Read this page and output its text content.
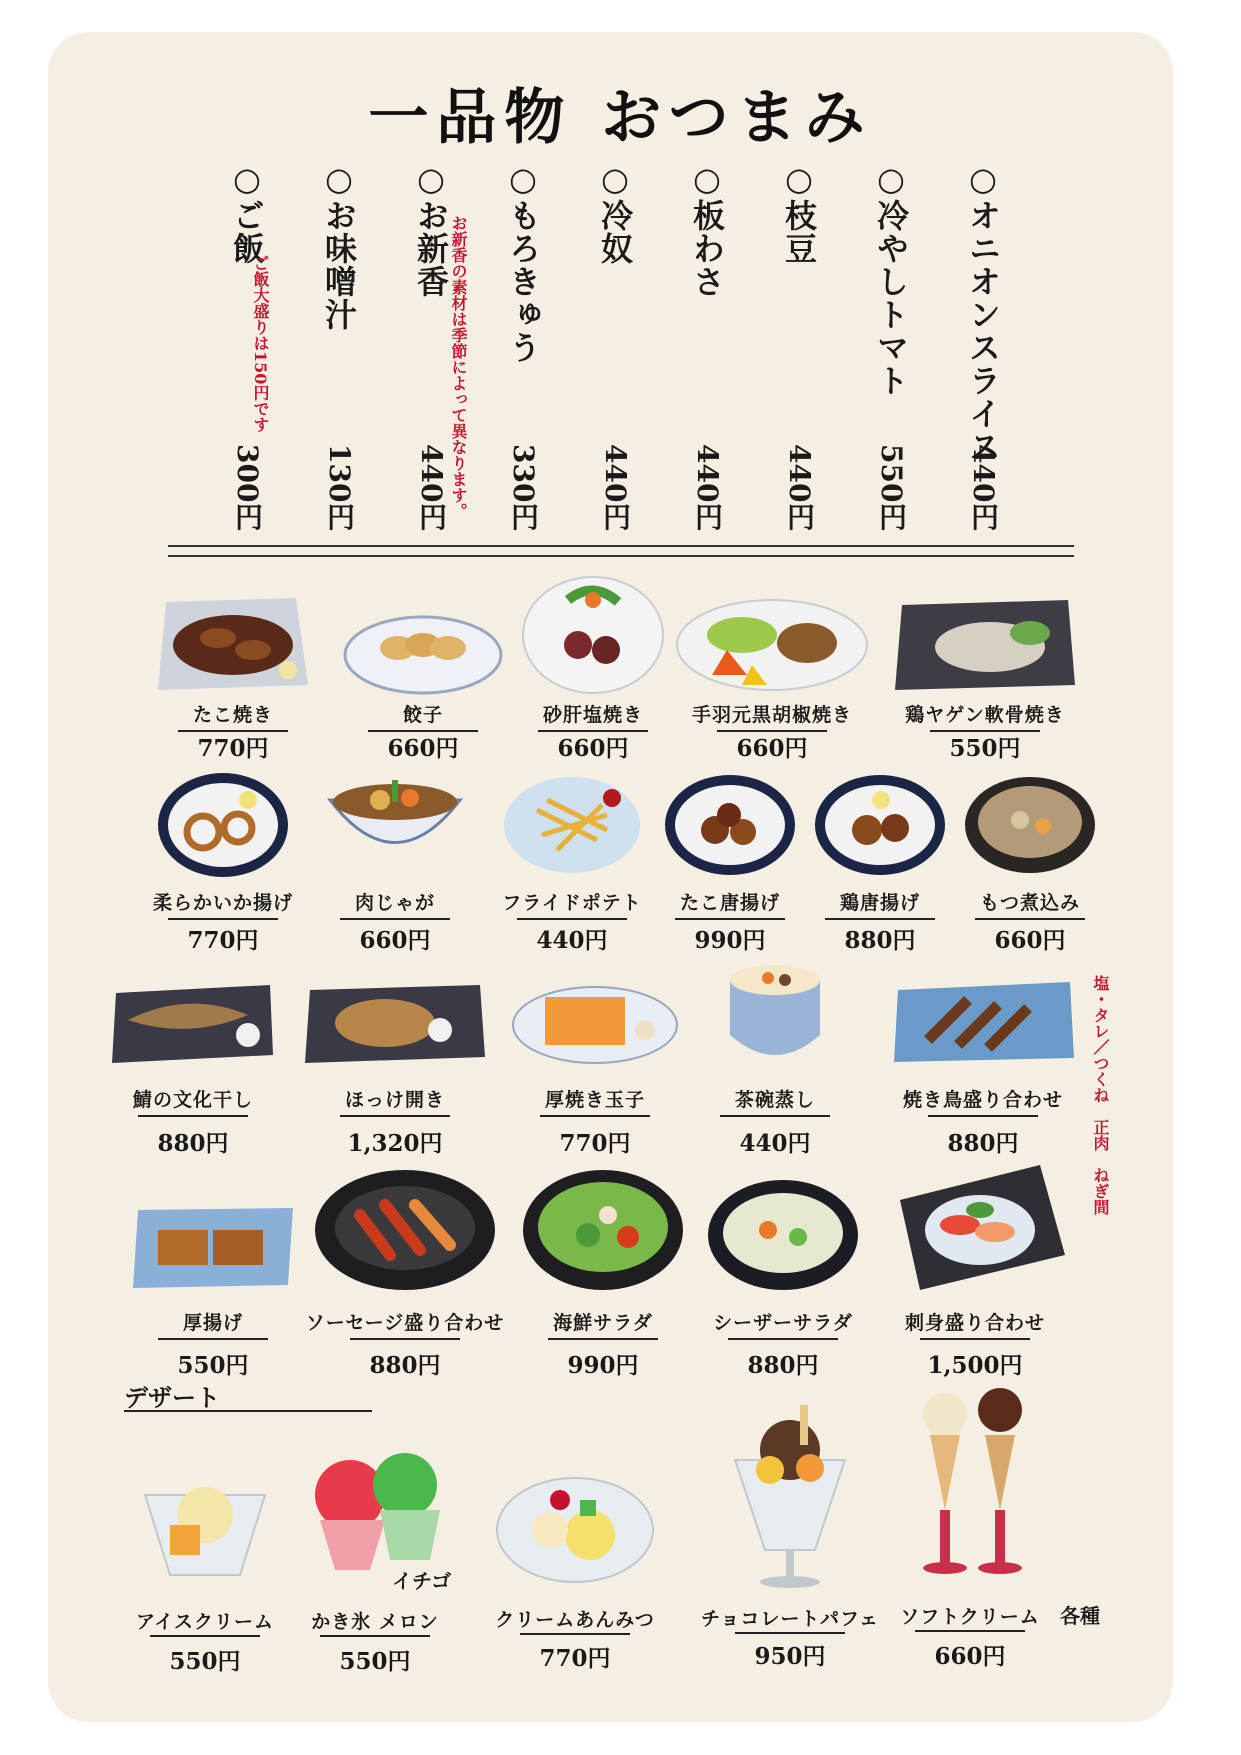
一品物 おつまみ
○オニオンスライス
440円
○冷やしトマト
550円
○枝豆
440円
○板わさ
440円
○冷奴
440円
○もろきゅう
330円
○お新香
440円
○お味噌汁
130円
○ご飯
300円	お新香の素材は季節によって異なります。
ご飯大盛りは150円です
たこ焼き
770円
餃子
660円
砂肝塩焼き
660円
手羽元黒胡椒焼き
660円
鶏ヤゲン軟骨焼き
550円
柔らかいか揚げ
770円
肉じゃが
660円
フライドポテト
440円
たこ唐揚げ
990円
鶏唐揚げ
880円
もつ煮込み
660円
鯖の文化干し
880円
ほっけ開き
1,320円
厚焼き玉子
770円
茶碗蒸し
440円
焼き鳥盛り合わせ
880円	塩・タレ／つくね　正肉　ねぎ間
厚揚げ
550円
ソーセージ盛り合わせ
880円
海鮮サラダ
990円
シーザーサラダ
880円
刺身盛り合わせ
1,500円
デザート
アイスクリーム
550円
かき氷 メロン
550円
イチゴ
クリームあんみつ
770円
チョコレートパフェ
950円
ソフトクリーム
660円
各種
